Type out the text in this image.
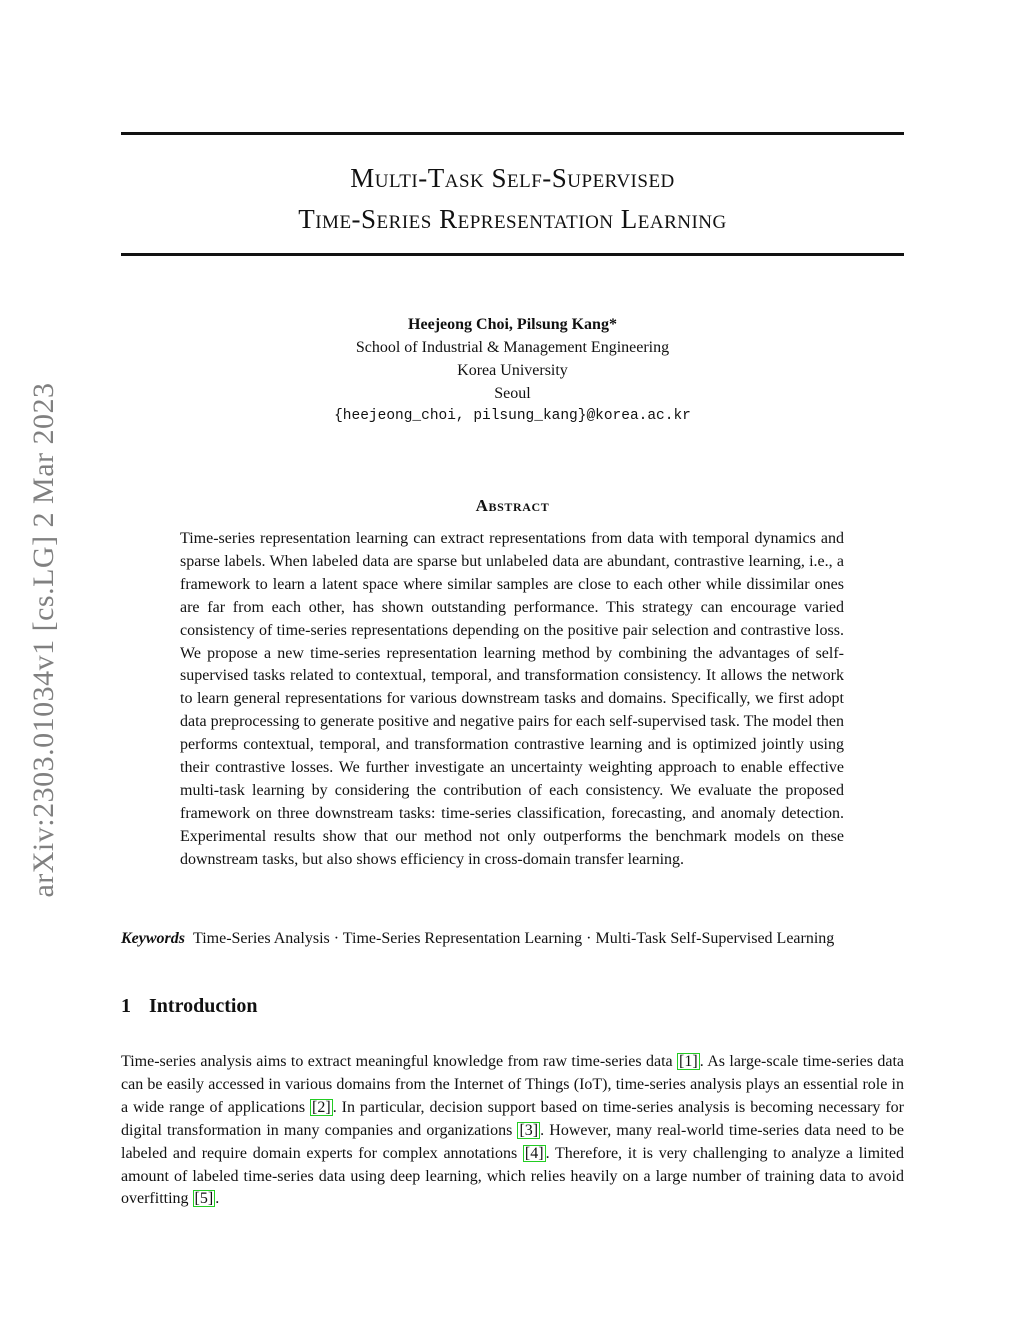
arXiv:2303.01034v1 [cs.LG] 2 Mar 2023
Multi-Task Self-Supervised
Time-Series Representation Learning
Heejeong Choi, Pilsung Kang*
School of Industrial & Management Engineering
Korea University
Seoul
{heejeong_choi, pilsung_kang}@korea.ac.kr
Abstract
Time-series representation learning can extract representations from data with temporal dynamics and sparse labels. When labeled data are sparse but unlabeled data are abundant, contrastive learning, i.e., a framework to learn a latent space where similar samples are close to each other while dissimilar ones are far from each other, has shown outstanding performance. This strategy can encourage varied consistency of time-series representations depending on the positive pair selection and contrastive loss. We propose a new time-series representation learning method by combining the advantages of self-supervised tasks related to contextual, temporal, and transformation consistency. It allows the network to learn general representations for various downstream tasks and domains. Specifically, we first adopt data preprocessing to generate positive and negative pairs for each self-supervised task. The model then performs contextual, temporal, and transformation contrastive learning and is optimized jointly using their contrastive losses. We further investigate an uncertainty weighting approach to enable effective multi-task learning by considering the contribution of each consistency. We evaluate the proposed framework on three downstream tasks: time-series classification, forecasting, and anomaly detection. Experimental results show that our method not only outperforms the benchmark models on these downstream tasks, but also shows efficiency in cross-domain transfer learning.
Keywords Time-Series Analysis · Time-Series Representation Learning · Multi-Task Self-Supervised Learning
1 Introduction
Time-series analysis aims to extract meaningful knowledge from raw time-series data [1] . As large-scale time-series data can be easily accessed in various domains from the Internet of Things (IoT), time-series analysis plays an essential role in a wide range of applications [2] . In particular, decision support based on time-series analysis is becoming necessary for digital transformation in many companies and organizations [3] . However, many real-world time-series data need to be labeled and require domain experts for complex annotations [4] . Therefore, it is very challenging to analyze a limited amount of labeled time-series data using deep learning, which relies heavily on a large number of training data to avoid overfitting [5] .
